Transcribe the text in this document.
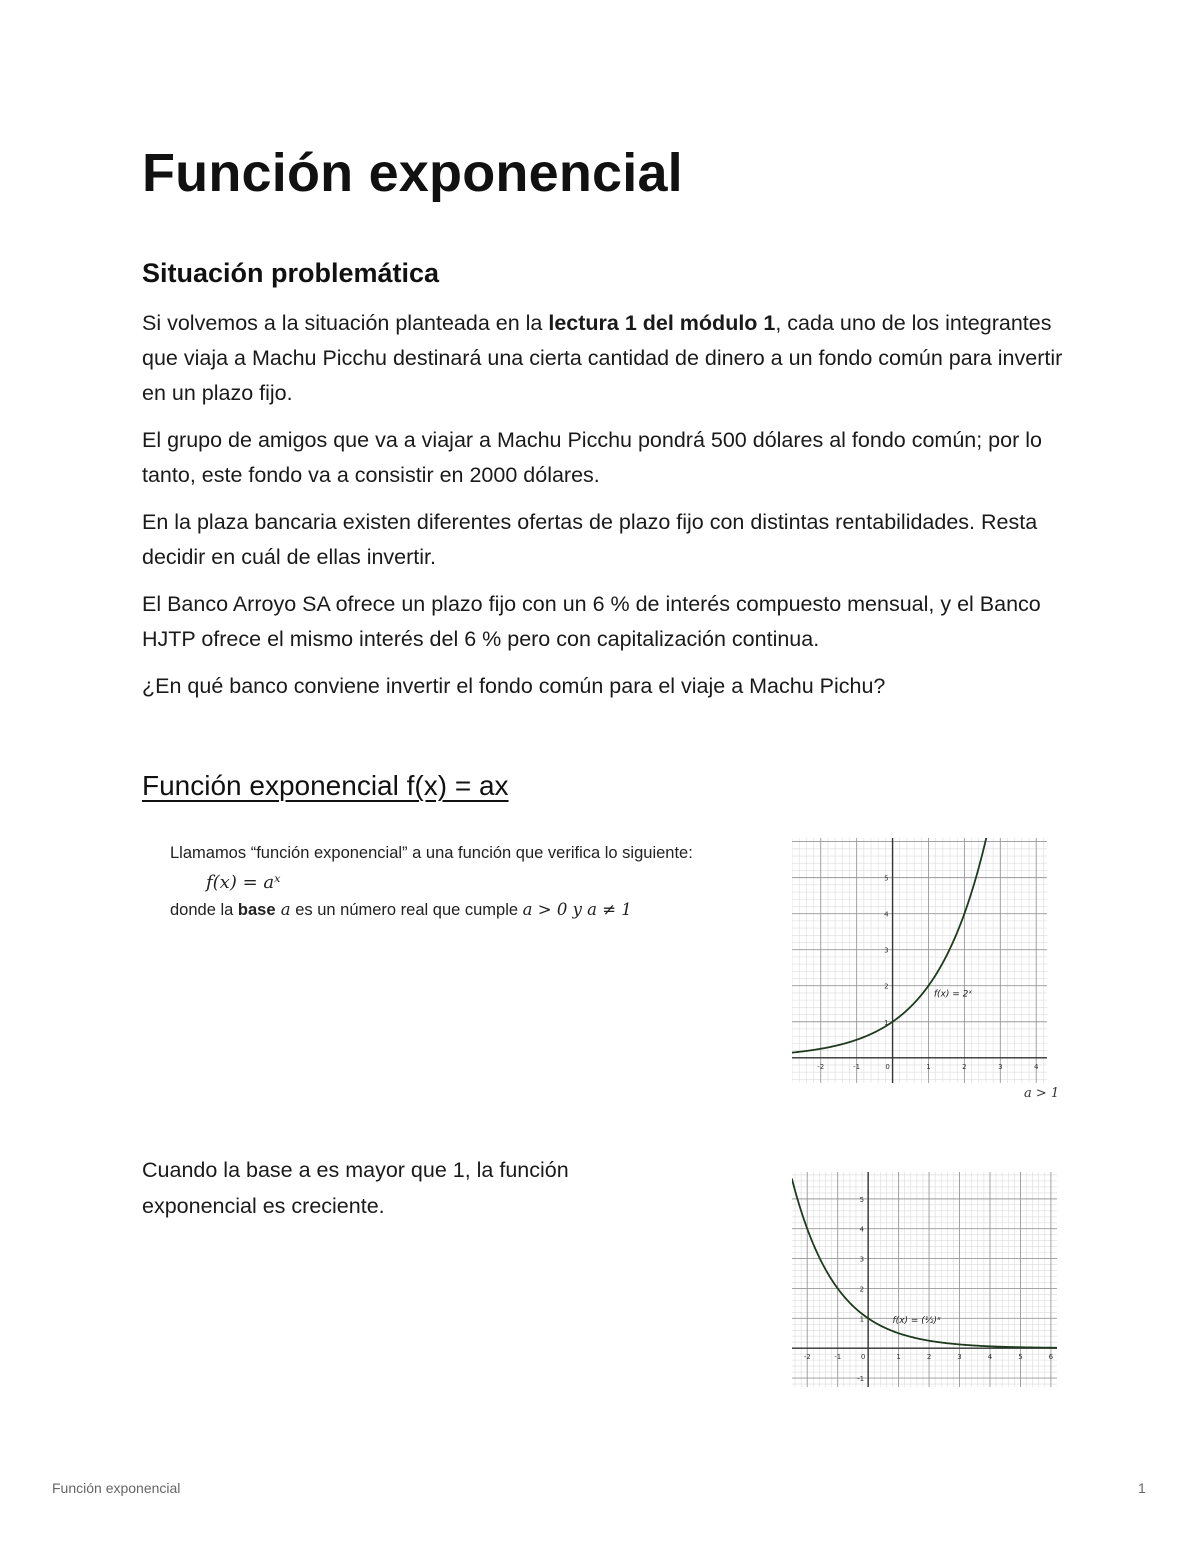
Función exponencial
Situación problemática

Si volvemos a la situación planteada en la lectura 1 del módulo 1, cada uno de los integrantes que viaja a Machu Picchu destinará una cierta cantidad de dinero a un fondo común para invertir en un plazo fijo.

El grupo de amigos que va a viajar a Machu Picchu pondrá 500 dólares al fondo común; por lo tanto, este fondo va a consistir en 2000 dólares.

En la plaza bancaria existen diferentes ofertas de plazo fijo con distintas rentabilidades. Resta decidir en cuál de ellas invertir.

El Banco Arroyo SA ofrece un plazo fijo con un 6 % de interés compuesto mensual, y el Banco HJTP ofrece el mismo interés del 6 % pero con capitalización continua.

¿En qué banco conviene invertir el fondo común para el viaje a Machu Pichu?

Función exponencial f(x) = ax
Llamamos “función exponencial” a una función que verifica lo siguiente:
f(x) = aˣ
donde la base a es un número real que cumple a > 0 y a ≠ 1
-2	-1	0	1	2	3	4
1
2
3
4
5
f(x) = 2ˣ
a > 1
Cuando la base a es mayor que 1, la función exponencial es creciente.
-2	-1	0	1	2	3	4	5	6
1
2
3
4
5
-1
f(x) = (½)ˣ
Función exponencial	1
